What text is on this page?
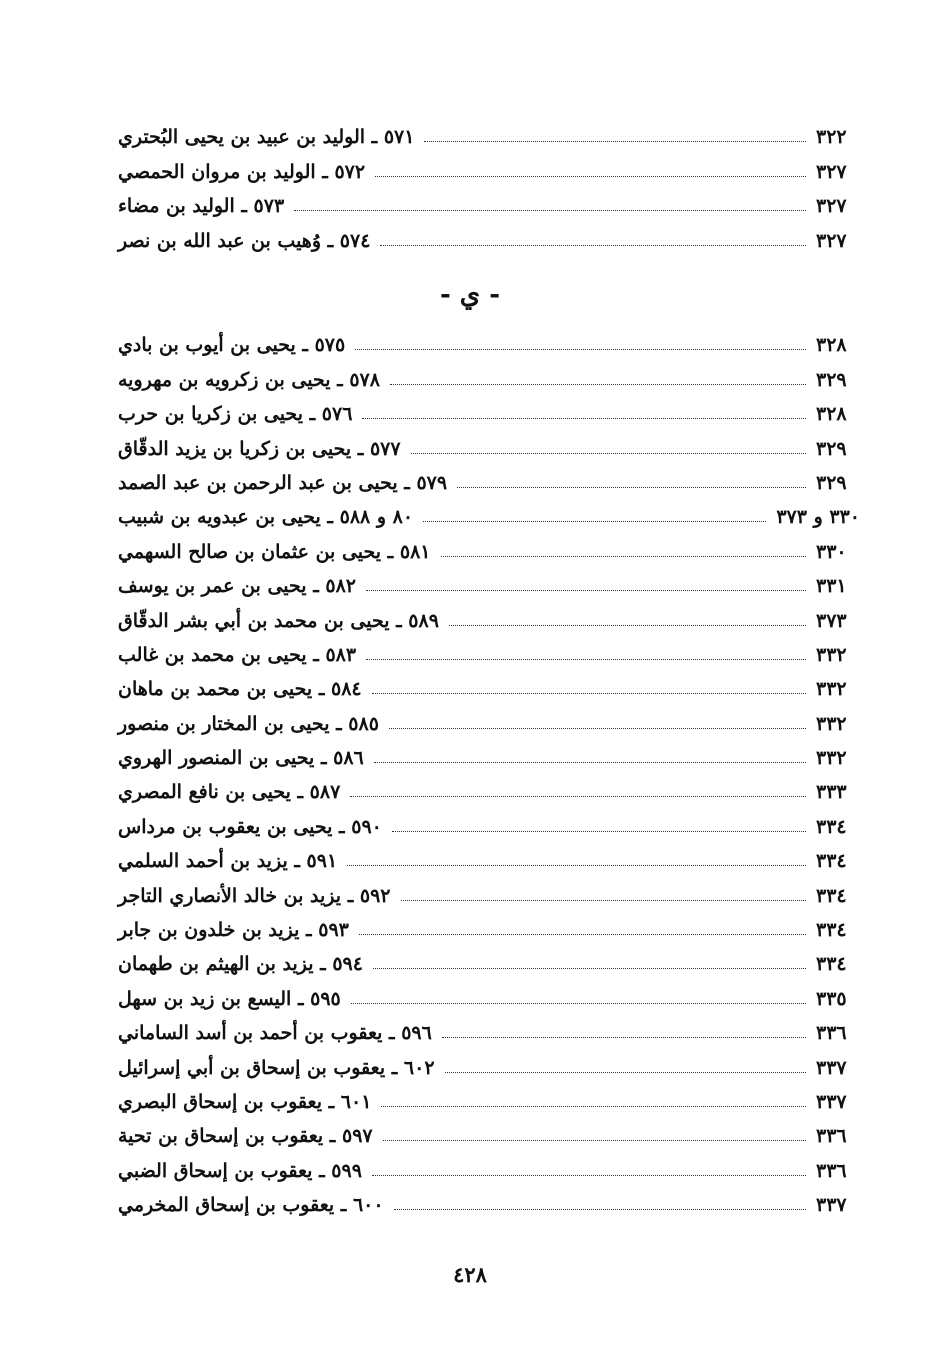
٥٧١ ـ الوليد بن عبيد بن يحيى البُحتري	٣٢٢
٥٧٢ ـ الوليد بن مروان الحمصي	٣٢٧
٥٧٣ ـ الوليد بن مضاء	٣٢٧
٥٧٤ ـ وُهيب بن عبد الله بن نصر	٣٢٧
- ي -
٥٧٥ ـ يحيى بن أيوب بن بادي	٣٢٨
٥٧٨ ـ يحيى بن زكرويه بن مهرويه	٣٢٩
٥٧٦ ـ يحيى بن زكريا بن حرب	٣٢٨
٥٧٧ ـ يحيى بن زكريا بن يزيد الدقّاق	٣٢٩
٥٧٩ ـ يحيى بن عبد الرحمن بن عبد الصمد	٣٢٩
٨٠ و ٥٨٨ ـ يحيى بن عبدويه بن شبيب	٣٣٠ و ٣٧٣
٥٨١ ـ يحيى بن عثمان بن صالح السهمي	٣٣٠
٥٨٢ ـ يحيى بن عمر بن يوسف	٣٣١
٥٨٩ ـ يحيى بن محمد بن أبي بشر الدقّاق	٣٧٣
٥٨٣ ـ يحيى بن محمد بن غالب	٣٣٢
٥٨٤ ـ يحيى بن محمد بن ماهان	٣٣٢
٥٨٥ ـ يحيى بن المختار بن منصور	٣٣٢
٥٨٦ ـ يحيى بن المنصور الهروي	٣٣٢
٥٨٧ ـ يحيى بن نافع المصري	٣٣٣
٥٩٠ ـ يحيى بن يعقوب بن مرداس	٣٣٤
٥٩١ ـ يزيد بن أحمد السلمي	٣٣٤
٥٩٢ ـ يزيد بن خالد الأنصاري التاجر	٣٣٤
٥٩٣ ـ يزيد بن خلدون بن جابر	٣٣٤
٥٩٤ ـ يزيد بن الهيثم بن طهمان	٣٣٤
٥٩٥ ـ اليسع بن زيد بن سهل	٣٣٥
٥٩٦ ـ يعقوب بن أحمد بن أسد الساماني	٣٣٦
٦٠٢ ـ يعقوب بن إسحاق بن أبي إسرائيل	٣٣٧
٦٠١ ـ يعقوب بن إسحاق البصري	٣٣٧
٥٩٧ ـ يعقوب بن إسحاق بن تحية	٣٣٦
٥٩٩ ـ يعقوب بن إسحاق الضبي	٣٣٦
٦٠٠ ـ يعقوب بن إسحاق المخرمي	٣٣٧
٤٢٨
